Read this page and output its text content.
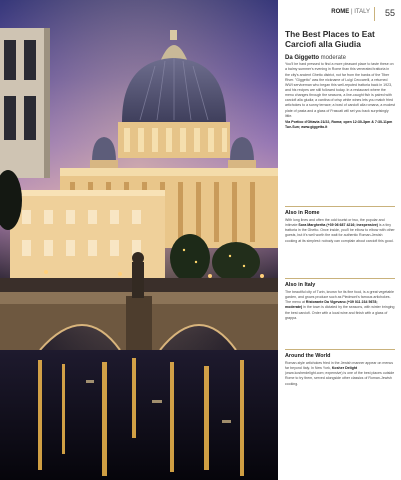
ROME | ITALY 55
The Best Places to Eat Carciofi alla Giudia
Da Giggetto moderate
You'll be hard pressed to find a more pleasant place to taste these on a balmy summer's evening in Rome than this venerated trattoria in the city's ancient Ghetto district, not far from the banks of the Tiber River. "Giggetto" was the nickname of Luigi Ceccarelli, a returned WWI serviceman who began this well-reputed trattoria back in 1923, and his recipes are still followed today. In a restaurant where the menu changes through the seasons, a line-caught fish is paired with carciofi alla giudia; a cantina of crisp white wines lets you match fried artichokes to a sunny terrace; a bowl of carciofi alla romana, a modest plate of pasta and a glass of Frascati will set you back surprisingly little.
Via Portico d'Ottavia 21/22, Roma; open 12:30-3pm & 7:30-11pm Tue-Sun; www.giggetto.it
Also in Rome
With long lines and often the odd tourist or two, the popular and intimate Sora Margherita (+39 06 687 4216; inexpensive) is a tiny trattoria in the Ghetto. Once inside, you'll be elbow to elbow with other guests, but it's well worth the wait for authentic Roman-Jewish cooking at its simplest: nobody can complain about carciofi this good.
Also in Italy
The beautiful city of Turin, known for its fine food, is a great vegetable garden, and grows produce such as Piedmont's famous artichokes. The menu at Ristorante Da Vigevano (+39 011 234 5678; moderate) in the town is dictated by the seasons, with winter bringing the best carciofi. Order with a local wine and finish with a glass of grappa.
Around the World
Roman-style artichokes fried in the Jewish manner appear on menus far beyond Italy. In New York, Kosher Delight (www.kosherdelight.com; expensive) is one of the best places outside Rome to try them, served alongside other classics of Roman-Jewish cooking.
